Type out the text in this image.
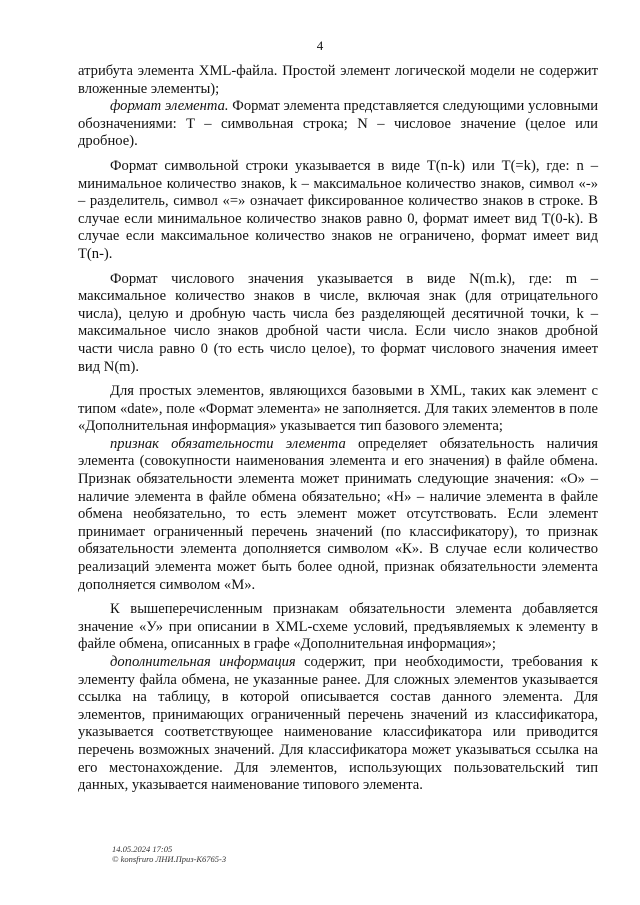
4

атрибута элемента XML-файла. Простой элемент логической модели не содержит вложенные элементы);

формат элемента. Формат элемента представляется следующими условными обозначениями: T – символьная строка; N – числовое значение (целое или дробное).

Формат символьной строки указывается в виде T(n-k) или T(=k), где: n – минимальное количество знаков, k – максимальное количество знаков, символ «-» – разделитель, символ «=» означает фиксированное количество знаков в строке. В случае если минимальное количество знаков равно 0, формат имеет вид T(0-k). В случае если максимальное количество знаков не ограничено, формат имеет вид T(n-).

Формат числового значения указывается в виде N(m.k), где: m – максимальное количество знаков в числе, включая знак (для отрицательного числа), целую и дробную часть числа без разделяющей десятичной точки, k – максимальное число знаков дробной части числа. Если число знаков дробной части числа равно 0 (то есть число целое), то формат числового значения имеет вид N(m).

Для простых элементов, являющихся базовыми в XML, таких как элемент с типом «date», поле «Формат элемента» не заполняется. Для таких элементов в поле «Дополнительная информация» указывается тип базового элемента;

признак обязательности элемента определяет обязательность наличия элемента (совокупности наименования элемента и его значения) в файле обмена. Признак обязательности элемента может принимать следующие значения: «О» – наличие элемента в файле обмена обязательно; «Н» – наличие элемента в файле обмена необязательно, то есть элемент может отсутствовать. Если элемент принимает ограниченный перечень значений (по классификатору), то признак обязательности элемента дополняется символом «К». В случае если количество реализаций элемента может быть более одной, признак обязательности элемента дополняется символом «М».

К вышеперечисленным признакам обязательности элемента добавляется значение «У» при описании в XML-схеме условий, предъявляемых к элементу в файле обмена, описанных в графе «Дополнительная информация»;

дополнительная информация содержит, при необходимости, требования к элементу файла обмена, не указанные ранее. Для сложных элементов указывается ссылка на таблицу, в которой описывается состав данного элемента. Для элементов, принимающих ограниченный перечень значений из классификатора, указывается соответствующее наименование классификатора или приводится перечень возможных значений. Для классификатора может указываться ссылка на его местонахождение. Для элементов, использующих пользовательский тип данных, указывается наименование типового элемента.

14.05.2024 17:05
© konsfruro ЛНИ.Приз-К6765-3
